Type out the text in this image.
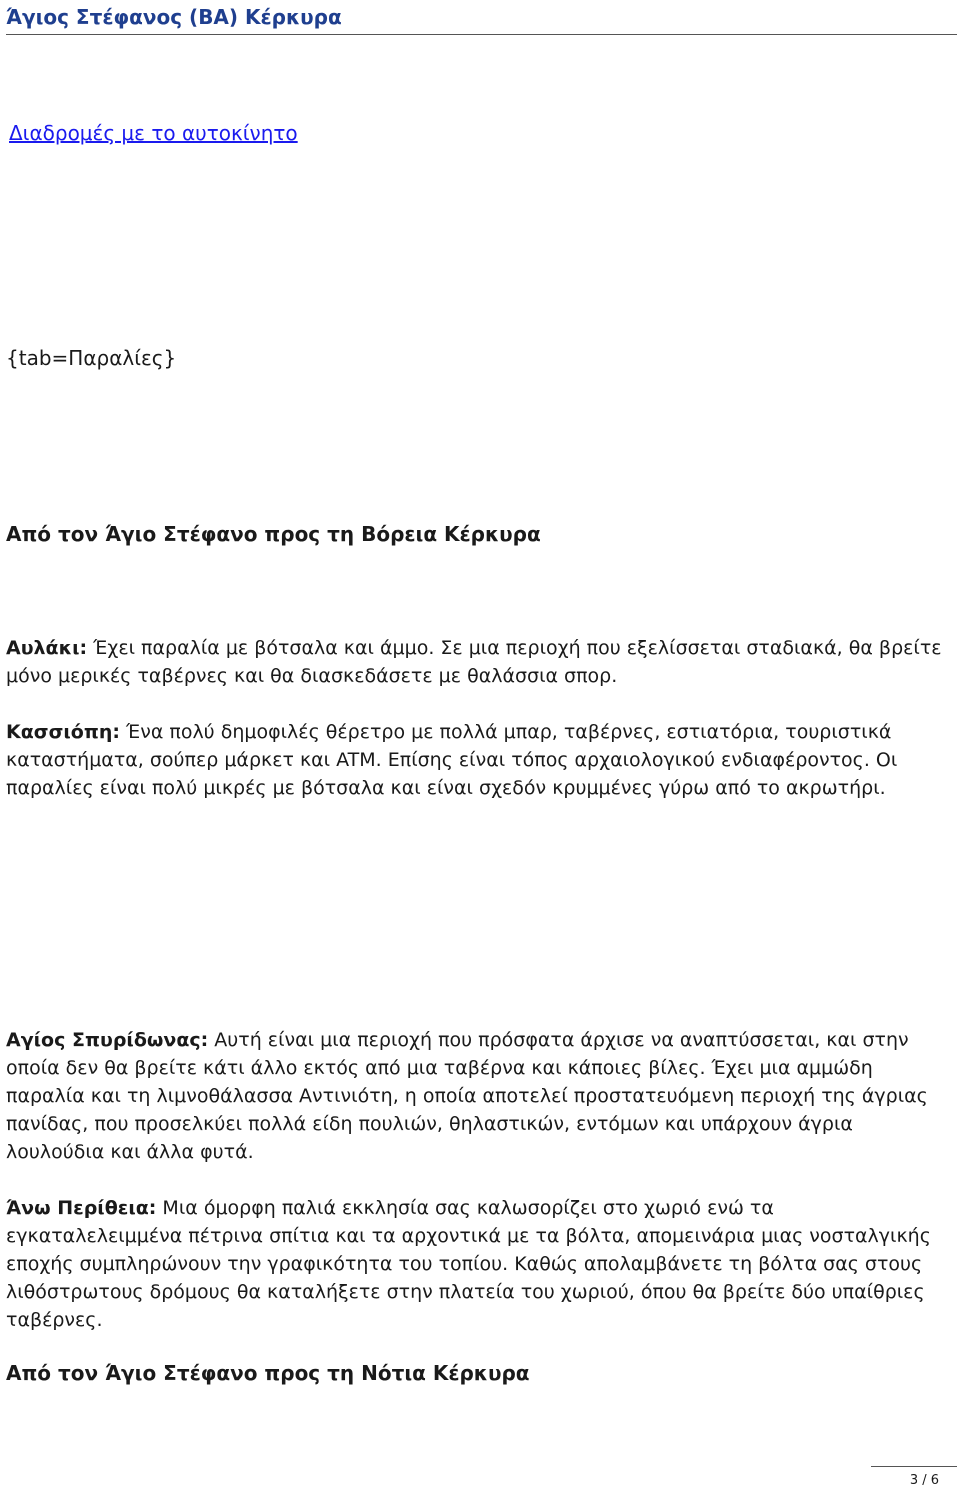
Άγιος Στέφανος (ΒΑ) Κέρκυρα
Διαδρομές με το αυτοκίνητο
{tab=Παραλίες}
Από τον Άγιο Στέφανο προς τη Βόρεια Κέρκυρα

Αυλάκι: Έχει παραλία με βότσαλα και άμμο. Σε μια περιοχή που εξελίσσεται σταδιακά, θα βρείτε μόνο μερικές ταβέρνες και θα διασκεδάσετε με θαλάσσια σπορ.

Κασσιόπη: Ένα πολύ δημοφιλές θέρετρο με πολλά μπαρ, ταβέρνες, εστιατόρια, τουριστικά καταστήματα, σούπερ μάρκετ και ATM. Επίσης είναι τόπος αρχαιολογικού ενδιαφέροντος. Οι παραλίες είναι πολύ μικρές με βότσαλα και είναι σχεδόν κρυμμένες γύρω από το ακρωτήρι.

Αγίος Σπυρίδωνας: Αυτή είναι μια περιοχή που πρόσφατα άρχισε να αναπτύσσεται, και στην οποία δεν θα βρείτε κάτι άλλο εκτός από μια ταβέρνα και κάποιες βίλες. Έχει μια αμμώδη παραλία και τη λιμνοθάλασσα Αντινιότη, η οποία αποτελεί προστατευόμενη περιοχή της άγριας πανίδας, που προσελκύει πολλά είδη πουλιών, θηλαστικών, εντόμων και υπάρχουν άγρια λουλούδια και άλλα φυτά.

Άνω Περίθεια: Μια όμορφη παλιά εκκλησία σας καλωσορίζει στο χωριό ενώ τα εγκαταλελειμμένα πέτρινα σπίτια και τα αρχοντικά με τα βόλτα, απομεινάρια μιας νοσταλγικής εποχής συμπληρώνουν την γραφικότητα του τοπίου. Καθώς απολαμβάνετε τη βόλτα σας στους λιθόστρωτους δρόμους θα καταλήξετε στην πλατεία του χωριού, όπου θα βρείτε δύο υπαίθριες ταβέρνες.

Από τον Άγιο Στέφανο προς τη Νότια Κέρκυρα
3 / 6
